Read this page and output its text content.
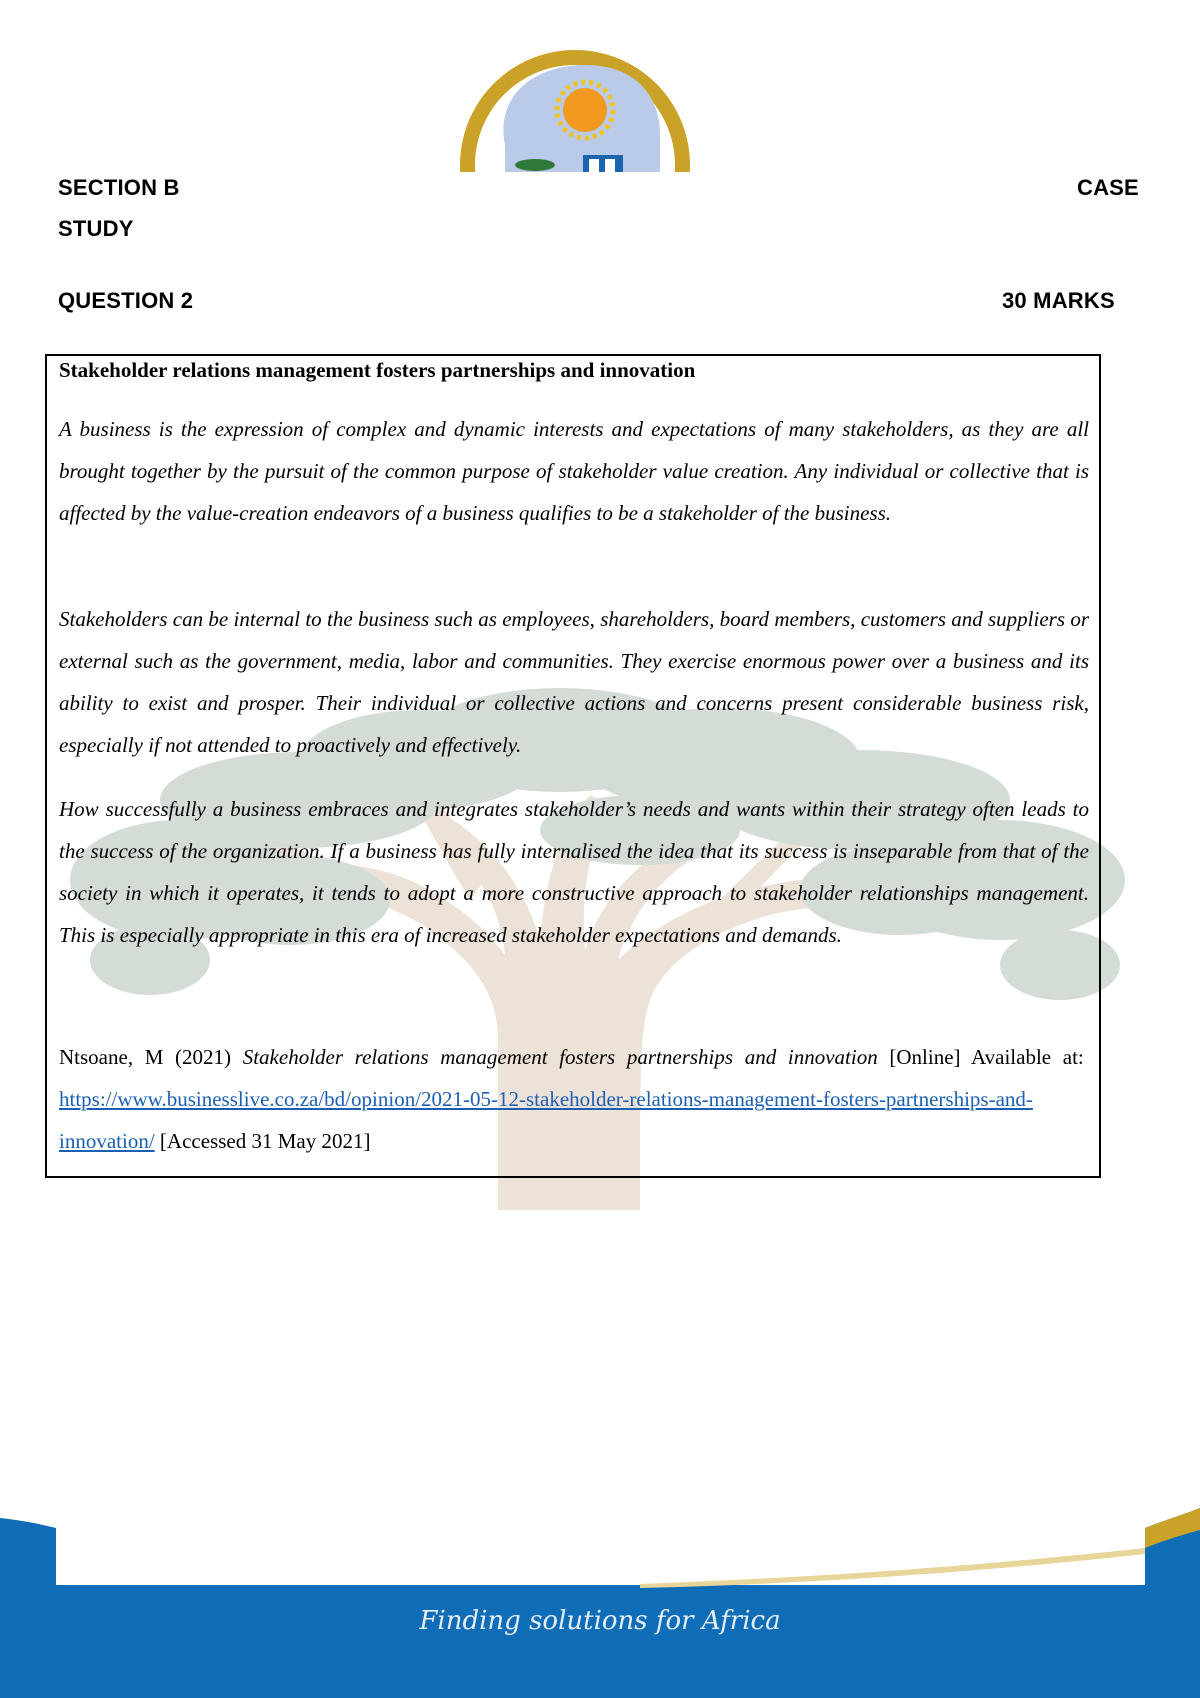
SECTION B	CASE
STUDY
QUESTION 2	30 MARKS
Stakeholder relations management fosters partnerships and innovation

A business is the expression of complex and dynamic interests and expectations of many stakeholders, as they are all brought together by the pursuit of the common purpose of stakeholder value creation. Any individual or collective that is affected by the value-creation endeavors of a business qualifies to be a stakeholder of the business.

Stakeholders can be internal to the business such as employees, shareholders, board members, customers and suppliers or external such as the government, media, labor and communities. They exercise enormous power over a business and its ability to exist and prosper. Their individual or collective actions and concerns present considerable business risk, especially if not attended to proactively and effectively.

How successfully a business embraces and integrates stakeholder’s needs and wants within their strategy often leads to the success of the organization. If a business has fully internalised the idea that its success is inseparable from that of the society in which it operates, it tends to adopt a more constructive approach to stakeholder relationships management. This is especially appropriate in this era of increased stakeholder expectations and demands.

Ntsoane, M (2021) Stakeholder relations management fosters partnerships and innovation [Online] Available at:  https://www.businesslive.co.za/bd/opinion/2021-05-12-stakeholder-relations-management-fosters-partnerships-and-innovation/ [Accessed 31 May 2021]

Finding solutions for Africa
